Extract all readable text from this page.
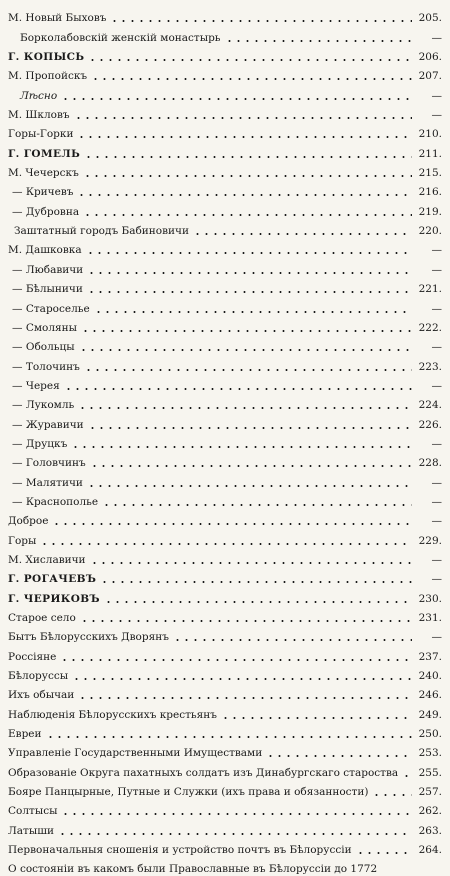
М. Новый Быховъ	205.
Борколабовскій женскій монастырь	—
Г. КОПЫСЬ	206.
М. Пропойскъ	207.
Лѣсно	—
М. Шкловъ	—
Горы-Горки	210.
Г. ГОМЕЛЬ	211.
М. Чечерскъ	215.
— Кричевъ	216.
— Дубровна	219.
Заштатный городъ Бабиновичи	220.
М. Дашковка	—
— Любавичи	—
— Бѣлыничи	221.
— Староселье	—
— Смоляны	222.
— Обольцы	—
— Толочинъ	223.
— Черея	—
— Лукомль	224.
— Журавичи	226.
— Друцкъ	—
— Головчинъ	228.
— Малятичи	—
— Краснополье	—
Доброе	—
Горы	229.
М. Хиславичи	—
Г. РОГАЧЕВЪ	—
Г. ЧЕРИКОВЪ	230.
Старое село	231.
Бытъ Бѣлорусскихъ Дворянъ	—
Россіяне	237.
Бѣлоруссы	240.
Ихъ обычаи	246.
Наблюденія Бѣлорусскихъ крестьянъ	249.
Евреи	250.
Управленіе Государственными Имуществами	253.
Образованіе Округа пахатныхъ солдатъ изъ Динабургскаго староства 255.
Бояре Панцырные, Путные и Служки (ихъ права и обязанности)	257.
Солтысы	262.
Латыши	263.
Первоначальныя сношенія и устройство почтъ въ Бѣлоруссіи	264.
О состояніи въ какомъ были Православные въ Бѣлоруссіи до 1772
